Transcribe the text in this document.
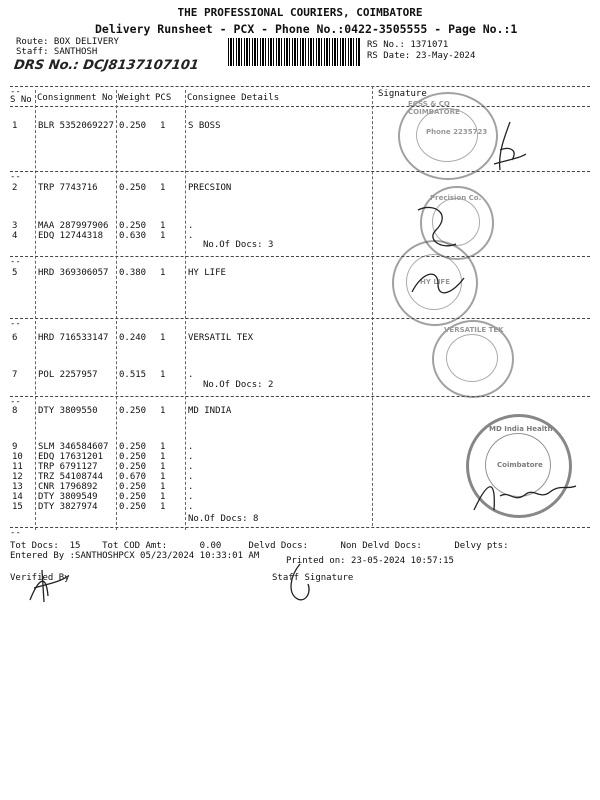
THE PROFESSIONAL COURIERS, COIMBATORE
Delivery Runsheet - PCX - Phone No.:0422-3505555 - Page No.:1
Route: BOX DELIVERY
Staff: SANTHOSH
DRS No.: DCJ8137107101
RS No.: 1371071
RS Date: 23-May-2024
--
S No Consignment No Weight PCS Consignee Details	Signature
1 BLR 5352069227 0.250 1	S BOSS
--
2 TRP 7743716 0.250 1	PRECSION
3 MAA 287997906 0.250 1	.
4 EDQ 12744318 0.630 1	.
No.Of Docs: 3
--
5 HRD 369306057 0.380 1	HY LIFE
--
6 HRD 716533147 0.240 1	VERSATIL TEX
7 POL 2257957 0.515 1	.
No.Of Docs: 2
--
8 DTY 3809550 0.250 1	MD INDIA
9 SLM 346584607 0.250 1	.
10 EDQ 17631201 0.250 1	.
11 TRP 6791127 0.250 1	.
12 TRZ 54108744 0.670 1	.
13 CNR 1796892 0.250 1	.
14 DTY 3809549 0.250 1	.
15 DTY 3827974 0.250 1	.
No.Of Docs: 8
--
Tot Docs:  15    Tot COD Amt:      0.00     Delvd Docs:      Non Delvd Docs:      Delvy pts:
Entered By :SANTHOSHPCX 05/23/2024 10:33:01 AM	Printed on: 23-05-2024 10:57:15
Verified By	Staff Signature
ECSS & CO COIMBATORE
Phone 2235723
Precision Co.
HY LIFE
VERSATILE TEK
MD India Health
Coimbatore
